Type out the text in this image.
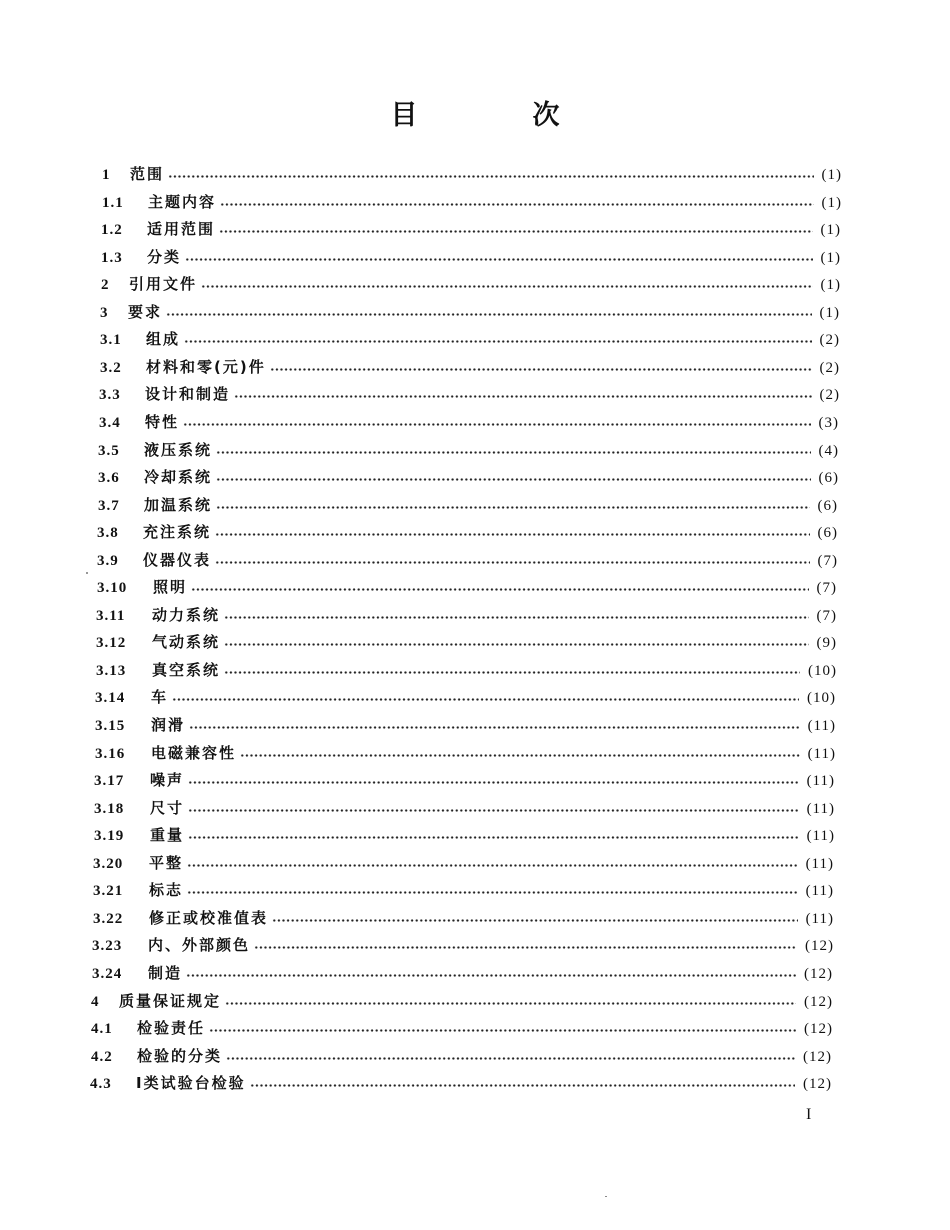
目　次
1	范围	(1)
1.1	主题内容	(1)
1.2	适用范围	(1)
1.3	分类	(1)
2	引用文件	(1)
3	要求	(1)
3.1	组成	(2)
3.2	材料和零(元)件	(2)
3.3	设计和制造	(2)
3.4	特性	(3)
3.5	液压系统	(4)
3.6	冷却系统	(6)
3.7	加温系统	(6)
3.8	充注系统	(6)
3.9	仪器仪表	(7)
3.10	照明	(7)
3.11	动力系统	(7)
3.12	气动系统	(9)
3.13	真空系统	(10)
3.14	车	(10)
3.15	润滑	(11)
3.16	电磁兼容性	(11)
3.17	噪声	(11)
3.18	尺寸	(11)
3.19	重量	(11)
3.20	平整	(11)
3.21	标志	(11)
3.22	修正或校准值表	(11)
3.23	内、外部颜色	(12)
3.24	制造	(12)
4	质量保证规定	(12)
4.1	检验责任	(12)
4.2	检验的分类	(12)
4.3	I类试验台检验	(12)
I
